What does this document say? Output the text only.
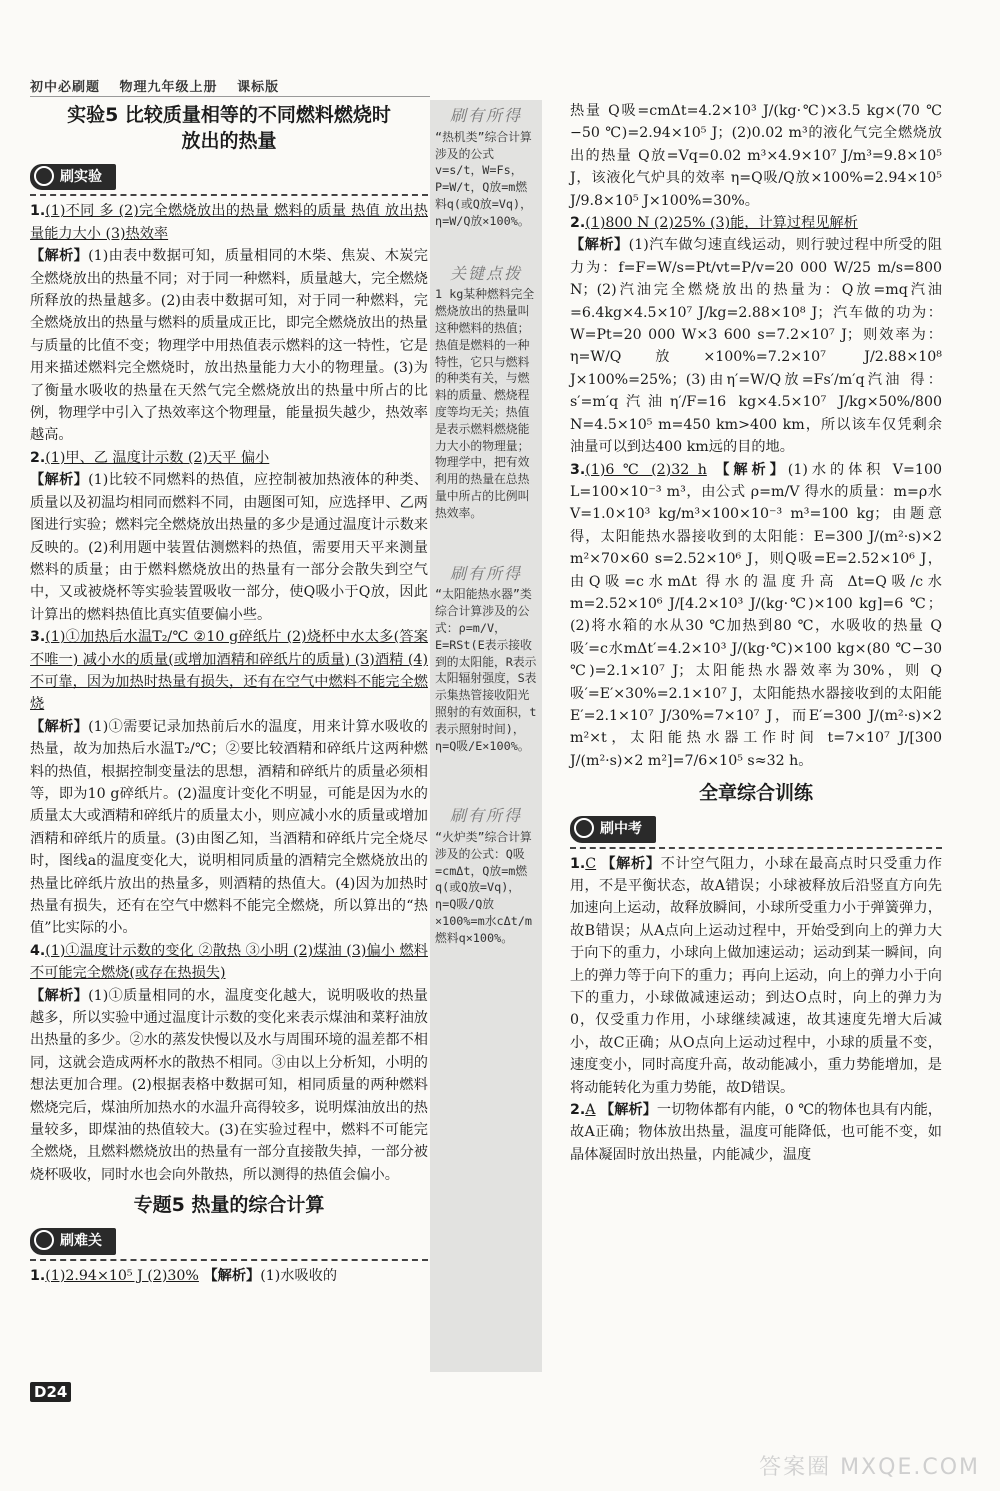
初中必刷题 物理九年级上册 课标版
实验5 比较质量相等的不同燃料燃烧时
放出的热量
刷实验

1.(1)不同 多 (2)完全燃烧放出的热量 燃料的质量 热值 放出热量能力大小 (3)热效率
【解析】(1)由表中数据可知，质量相同的木柴、焦炭、木炭完全燃烧放出的热量不同；对于同一种燃料，质量越大，完全燃烧所释放的热量越多。(2)由表中数据可知，对于同一种燃料，完全燃烧放出的热量与燃料的质量成正比，即完全燃烧放出的热量与质量的比值不变；物理学中用热值表示燃料的这一特性，它是用来描述燃料完全燃烧时，放出热量能力大小的物理量。(3)为了衡量水吸收的热量在天然气完全燃烧放出的热量中所占的比例，物理学中引入了热效率这个物理量，能量损失越少，热效率越高。

2.(1)甲、乙 温度计示数 (2)天平 偏小
【解析】(1)比较不同燃料的热值，应控制被加热液体的种类、质量以及初温均相同而燃料不同，由题图可知，应选择甲、乙两图进行实验；燃料完全燃烧放出热量的多少是通过温度计示数来反映的。(2)利用题中装置估测燃料的热值，需要用天平来测量燃料的质量；由于燃料燃烧放出的热量有一部分会散失到空气中，又或被烧杯等实验装置吸收一部分，使Q吸小于Q放，因此计算出的燃料热值比真实值要偏小些。

3.(1)①加热后水温T₂/℃ ②10 g碎纸片 (2)烧杯中水太多(答案不唯一) 减小水的质量(或增加酒精和碎纸片的质量) (3)酒精 (4)不可靠，因为加热时热量有损失，还有在空气中燃料不能完全燃烧
【解析】(1)①需要记录加热前后水的温度，用来计算水吸收的热量，故为加热后水温T₂/℃；②要比较酒精和碎纸片这两种燃料的热值，根据控制变量法的思想，酒精和碎纸片的质量必须相等，即为10 g碎纸片。(2)温度计变化不明显，可能是因为水的质量太大或酒精和碎纸片的质量太小，则应减小水的质量或增加酒精和碎纸片的质量。(3)由图乙知，当酒精和碎纸片完全烧尽时，图线a的温度变化大，说明相同质量的酒精完全燃烧放出的热量比碎纸片放出的热量多，则酒精的热值大。(4)因为加热时热量有损失，还有在空气中燃料不能完全燃烧，所以算出的“热值”比实际的小。

4.(1)①温度计示数的变化 ②散热 ③小明 (2)煤油 (3)偏小 燃料不可能完全燃烧(或存在热损失)
【解析】(1)①质量相同的水，温度变化越大，说明吸收的热量越多，所以实验中通过温度计示数的变化来表示煤油和菜籽油放出热量的多少。②水的蒸发快慢以及水与周围环境的温差都不相同，这就会造成两杯水的散热不相同。③由以上分析知，小明的想法更加合理。(2)根据表格中数据可知，相同质量的两种燃料燃烧完后，煤油所加热水的水温升高得较多，说明煤油放出的热量较多，即煤油的热值较大。(3)在实验过程中，燃料不可能完全燃烧，且燃料燃烧放出的热量有一部分直接散失掉，一部分被烧杯吸收，同时水也会向外散热，所以测得的热值会偏小。

专题5 热量的综合计算
刷难关

1.(1)2.94×10⁵ J (2)30% 【解析】(1)水吸收的

刷有所得
“热机类”综合计算涉及的公式 v=s/t，W=Fs，P=W/t，Q放=m燃料q(或Q放=Vq)，η=W/Q放×100%。
关键点拨
1 kg某种燃料完全燃烧放出的热量叫这种燃料的热值；热值是燃料的一种特性，它只与燃料的种类有关，与燃料的质量、燃烧程度等均无关；热值是表示燃料燃烧能力大小的物理量；物理学中，把有效利用的热量在总热量中所占的比例叫热效率。
刷有所得
“太阳能热水器”类综合计算涉及的公式：ρ=m/V，E=RSt(E表示接收到的太阳能，R表示太阳辐射强度，S表示集热管接收阳光照射的有效面积，t表示照射时间)，η=Q吸/E×100%。
刷有所得
“火炉类”综合计算涉及的公式：Q吸=cmΔt，Q放=m燃q(或Q放=Vq)，η=Q吸/Q放×100%=m水cΔt/m燃料q×100%。

热量 Q吸=cmΔt=4.2×10³ J/(kg·℃)×3.5 kg×(70 ℃−50 ℃)=2.94×10⁵ J；(2)0.02 m³的液化气完全燃烧放出的热量 Q放=Vq=0.02 m³×4.9×10⁷ J/m³=9.8×10⁵ J，该液化气炉具的效率 η=Q吸/Q放×100%=2.94×10⁵ J/9.8×10⁵ J×100%=30%。

2.(1)800 N (2)25% (3)能，计算过程见解析
【解析】(1)汽车做匀速直线运动，则行驶过程中所受的阻力为：f=F=W/s=Pt/vt=P/v=20 000 W/25 m/s=800 N；(2)汽油完全燃烧放出的热量为：Q放=mq汽油=6.4kg×4.5×10⁷ J/kg=2.88×10⁸ J；汽车做的功为：W=Pt=20 000 W×3 600 s=7.2×10⁷ J；则效率为：η=W/Q放×100%=7.2×10⁷ J/2.88×10⁸ J×100%=25%；(3)由η′=W/Q放=Fs′/m′q汽油 得：s′=m′q汽油η′/F=16 kg×4.5×10⁷ J/kg×50%/800 N=4.5×10⁵ m=450 km>400 km，所以该车仅凭剩余油量可以到达400 km远的目的地。

3.(1)6 ℃ (2)32 h 【解析】(1)水的体积 V=100 L=100×10⁻³ m³，由公式 ρ=m/V 得水的质量：m=ρ水V=1.0×10³ kg/m³×100×10⁻³ m³=100 kg；由题意得，太阳能热水器接收到的太阳能：E=300 J/(m²·s)×2 m²×70×60 s=2.52×10⁶ J，则Q吸=E=2.52×10⁶ J，由Q吸=c水mΔt 得水的温度升高 Δt=Q吸/c水m=2.52×10⁶ J/[4.2×10³ J/(kg·℃)×100 kg]=6 ℃；(2)将水箱的水从30 ℃加热到80 ℃，水吸收的热量 Q吸′=c水mΔt′=4.2×10³ J/(kg·℃)×100 kg×(80 ℃−30 ℃)=2.1×10⁷ J；太阳能热水器效率为30%，则 Q吸′=E′×30%=2.1×10⁷ J，太阳能热水器接收到的太阳能 E′=2.1×10⁷ J/30%=7×10⁷ J，而E′=300 J/(m²·s)×2 m²×t，太阳能热水器工作时间 t=7×10⁷ J/[300 J/(m²·s)×2 m²]=7/6×10⁵ s≈32 h。

全章综合训练
刷中考

1.C 【解析】不计空气阻力，小球在最高点时只受重力作用，不是平衡状态，故A错误；小球被释放后沿竖直方向先加速向上运动，故释放瞬间，小球所受重力小于弹簧弹力，故B错误；从A点向上运动过程中，开始受到向上的弹力大于向下的重力，小球向上做加速运动；运动到某一瞬间，向上的弹力等于向下的重力；再向上运动，向上的弹力小于向下的重力，小球做减速运动；到达O点时，向上的弹力为0，仅受重力作用，小球继续减速，故其速度先增大后减小，故C正确；从O点向上运动过程中，小球的质量不变，速度变小，同时高度升高，故动能减小，重力势能增加，是将动能转化为重力势能，故D错误。

2.A 【解析】一切物体都有内能，0 ℃的物体也具有内能，故A正确；物体放出热量，温度可能降低，也可能不变，如晶体凝固时放出热量，内能减少，温度

D24
答案圈 MXQE.COM
